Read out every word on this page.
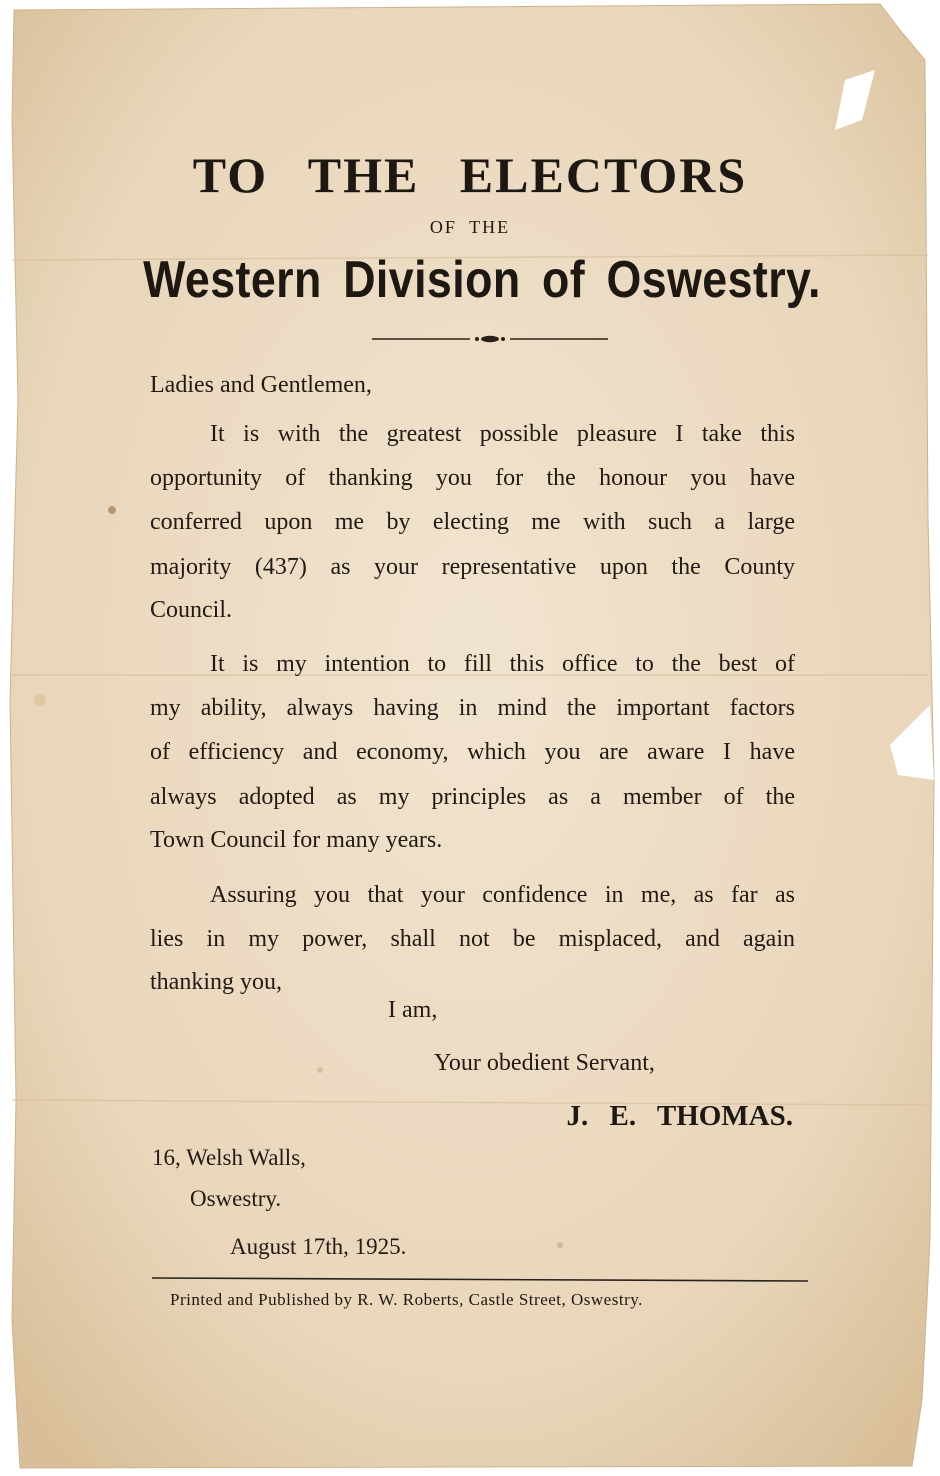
TO THE ELECTORS
OF THE
Western Division of Oswestry.
Ladies and Gentlemen,
It is with the greatest possible pleasure I take this
opportunity of thanking you for the honour you have
conferred upon me by electing me with such a large
majority (437) as your representative upon the County
Council.
It is my intention to fill this office to the best of
my ability, always having in mind the important factors
of efficiency and economy, which you are aware I have
always adopted as my principles as a member of the
Town Council for many years.
Assuring you that your confidence in me, as far as
lies in my power, shall not be misplaced, and again
thanking you,
I am,
Your obedient Servant,
J. E. THOMAS.
16, Welsh Walls,
Oswestry.
August 17th, 1925.
Printed and Published by R. W. Roberts, Castle Street, Oswestry.
